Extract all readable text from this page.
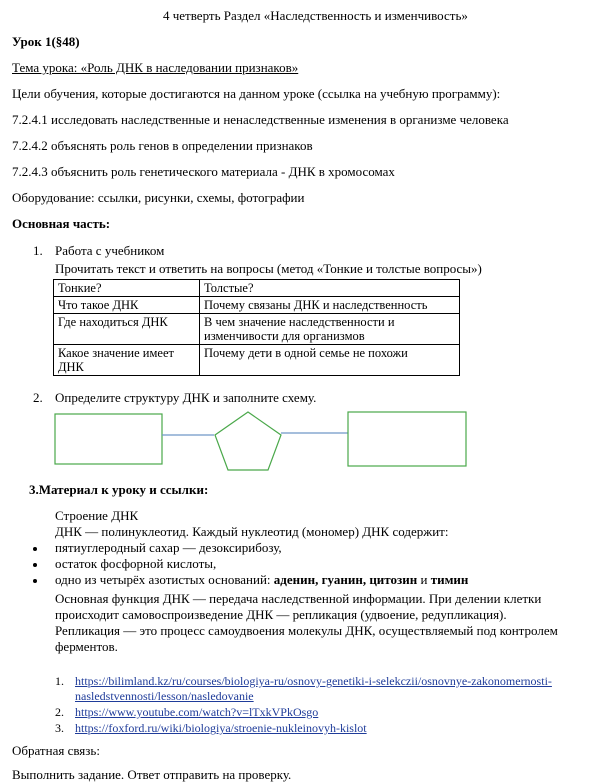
4 четверть Раздел «Наследственность и изменчивость»
Урок 1(§48)
Тема урока: «Роль ДНК в наследовании признаков»
Цели обучения, которые достигаются на данном уроке (ссылка на учебную программу):
7.2.4.1 исследовать наследственные и ненаследственные изменения в организме человека
7.2.4.2 объяснять роль генов в определении признаков
7.2.4.3 объяснить роль генетического материала - ДНК в хромосомах
Оборудование: ссылки, рисунки, схемы, фотографии
Основная часть:
1. Работа с учебником
Прочитать текст и ответить на вопросы (метод «Тонкие и толстые вопросы»)
Тонкие?	Толстые?
Что такое ДНК	Почему связаны ДНК и наследственность
Где находиться ДНК	В чем значение наследственности и изменчивости для организмов
Какое значение имеет ДНК	Почему дети в одной семье не похожи
2. Определите структуру ДНК и заполните схему.
3.Материал к уроку и ссылки:
Строение ДНК
ДНК — полинуклеотид. Каждый нуклеотид (мономер) ДНК содержит:
пятиуглеродный сахар — дезоксирибозу,
остаток фосфорной кислоты,
одно из четырёх азотистых оснований: аденин, гуанин, цитозин и тимин
Основная функция ДНК — передача наследственной информации. При делении клетки
происходит самовоспроизведение ДНК — репликация (удвоение, редупликация).
Репликация — это процесс самоудвоения молекулы ДНК, осуществляемый под контролем
ферментов.
1. https://bilimland.kz/ru/courses/biologiya-ru/osnovy-genetiki-i-selekczii/osnovnye-zakonomernosti-
nasledstvennosti/lesson/nasledovanie
2. https://www.youtube.com/watch?v=lTxkVPkOsgo
3. https://foxford.ru/wiki/biologiya/stroenie-nukleinovyh-kislot
Обратная связь:
Выполнить задание. Ответ отправить на проверку.
